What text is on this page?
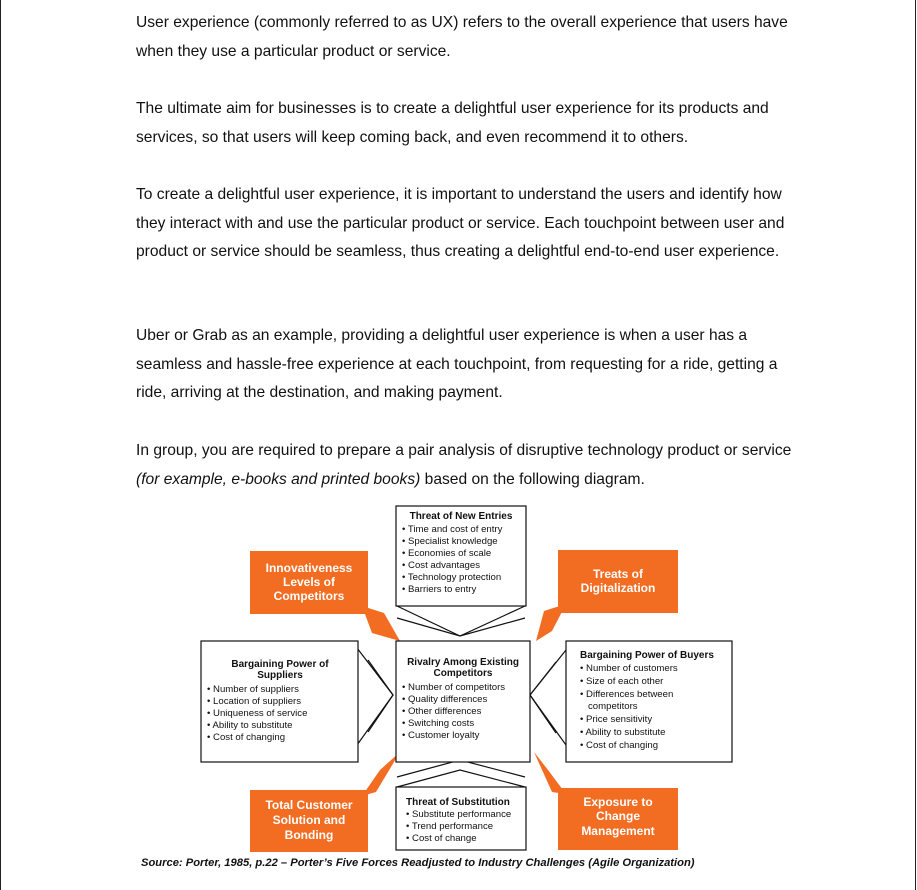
User experience (commonly referred to as UX) refers to the overall experience that users have when they use a particular product or service.

The ultimate aim for businesses is to create a delightful user experience for its products and services, so that users will keep coming back, and even recommend it to others.

To create a delightful user experience, it is important to understand the users and identify how they interact with and use the particular product or service. Each touchpoint between user and product or service should be seamless, thus creating a delightful end-to-end user experience.

Uber or Grab as an example, providing a delightful user experience is when a user has a seamless and hassle-free experience at each touchpoint, from requesting for a ride, getting a ride, arriving at the destination, and making payment.

In group, you are required to prepare a pair analysis of disruptive technology product or service (for example, e-books and printed books) based on the following diagram.

Innovativeness
Levels of
Competitors
Treats of
Digitalization
Total Customer
Solution and
Bonding
Exposure to
Change
Management
Threat of New Entries
• Time and cost of entry
• Specialist knowledge
• Economies of scale
• Cost advantages
• Technology protection
• Barriers to entry
Bargaining Power of
Suppliers
• Number of suppliers
• Location of suppliers
• Uniqueness of service
• Ability to substitute
• Cost of changing
Rivalry Among Existing
Competitors
• Number of competitors
• Quality differences
• Other differences
• Switching costs
• Customer loyalty
Bargaining Power of Buyers
• Number of customers
• Size of each other
• Differences between
competitors
• Price sensitivity
• Ability to substitute
• Cost of changing
Threat of Substitution
• Substitute performance
• Trend performance
• Cost of change
Source: Porter, 1985, p.22 – Porter’s Five Forces Readjusted to Industry Challenges (Agile Organization)
